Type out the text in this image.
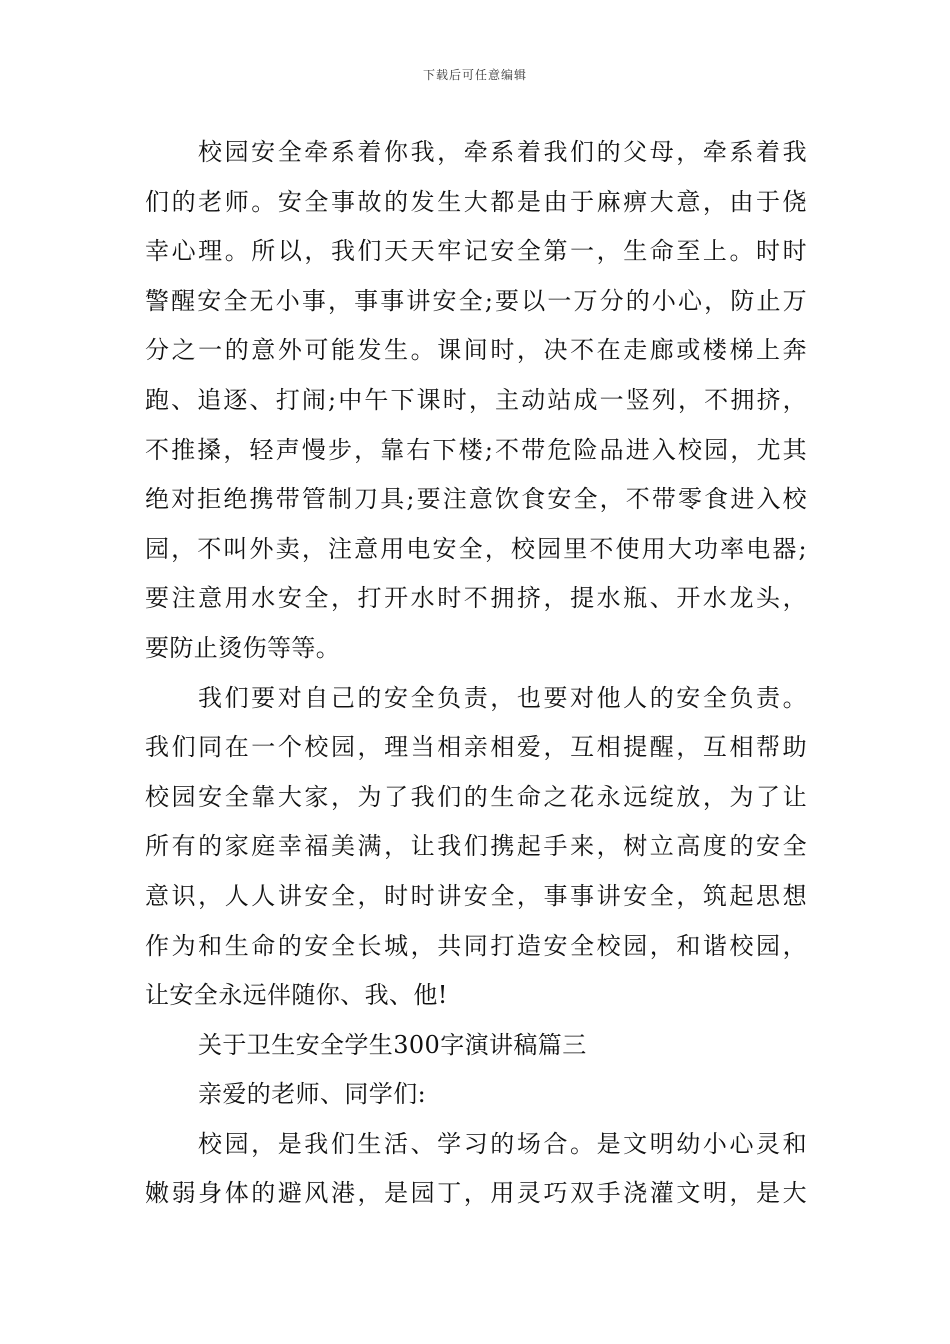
下载后可任意编辑
校园安全牵系着你我，牵系着我们的父母，牵系着我
们的老师。安全事故的发生大都是由于麻痹大意，由于侥
幸心理。所以，我们天天牢记安全第一，生命至上。时时
警醒安全无小事，事事讲安全;要以一万分的小心，防止万
分之一的意外可能发生。课间时，决不在走廊或楼梯上奔
跑、追逐、打闹;中午下课时，主动站成一竖列，不拥挤，
不推搡，轻声慢步，靠右下楼;不带危险品进入校园，尤其
绝对拒绝携带管制刀具;要注意饮食安全，不带零食进入校
园，不叫外卖，注意用电安全，校园里不使用大功率电器;
要注意用水安全，打开水时不拥挤，提水瓶、开水龙头，
要防止烫伤等等。
我们要对自己的安全负责，也要对他人的安全负责。
我们同在一个校园，理当相亲相爱，互相提醒，互相帮助
校园安全靠大家，为了我们的生命之花永远绽放，为了让
所有的家庭幸福美满，让我们携起手来，树立高度的安全
意识，人人讲安全，时时讲安全，事事讲安全，筑起思想
作为和生命的安全长城，共同打造安全校园，和谐校园，
让安全永远伴随你、我、他!
关于卫生安全学生300字演讲稿篇三
亲爱的老师、同学们:
校园，是我们生活、学习的场合。是文明幼小心灵和
嫩弱身体的避风港，是园丁，用灵巧双手浇灌文明，是大
